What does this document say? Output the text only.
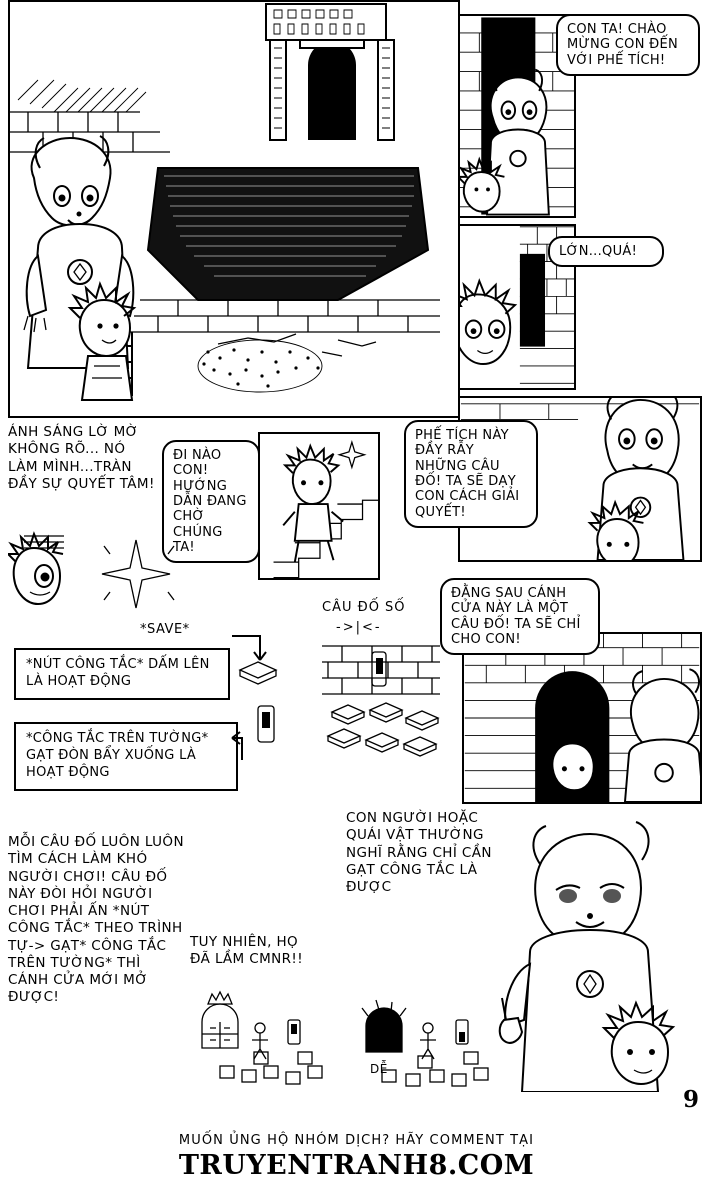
CON TA! CHÀO MỪNG CON ĐẾN VỚI PHẾ TÍCH!
LỚN...QUÁ!
PHẾ TÍCH NÀY ĐẦY RẪY NHỮNG CÂU ĐỐ! TA SẼ DẠY CON CÁCH GIẢI QUYẾT!
ĐI NÀO CON! HƯỚNG DẪN ĐANG CHỜ CHÚNG TA!
ÁNH SÁNG LỜ MỜ KHÔNG RÕ... NÓ LÀM MÌNH...TRÀN ĐẦY SỰ QUYẾT TÂM!
*SAVE*
*NÚT CÔNG TẮC* DẤM LÊN LÀ HOẠT ĐỘNG
*CÔNG TẮC TRÊN TƯỜNG* GẠT ĐÒN BẨY XUỐNG LÀ HOẠT ĐỘNG
CÂU ĐỐ SỐ
->|<-
ĐẰNG SAU CÁNH CỬA NÀY LÀ MỘT CÂU ĐỐ! TA SẼ CHỈ CHO CON!
MỖI CÂU ĐỐ LUÔN LUÔN TÌM CÁCH LÀM KHÓ NGƯỜI CHƠI! CÂU ĐỐ NÀY ĐÒI HỎI NGƯỜI CHƠI PHẢI ẤN *NÚT CÔNG TẮC* THEO TRÌNH TỰ-> GẠT* CÔNG TẮC TRÊN TƯỜNG* THÌ CÁNH CỬA MỚI MỞ ĐƯỢC!
TUY NHIÊN, HỌ ĐÃ LẦM CMNR!!
CON NGƯỜI HOẶC QUÁI VẬT THƯỜNG NGHĨ RẰNG CHỈ CẦN GẠT CÔNG TẮC LÀ ĐƯỢC
DỄ
9
MUỐN ỦNG HỘ NHÓM DỊCH? HÃY COMMENT TẠI
TRUYENTRANH8.COM
